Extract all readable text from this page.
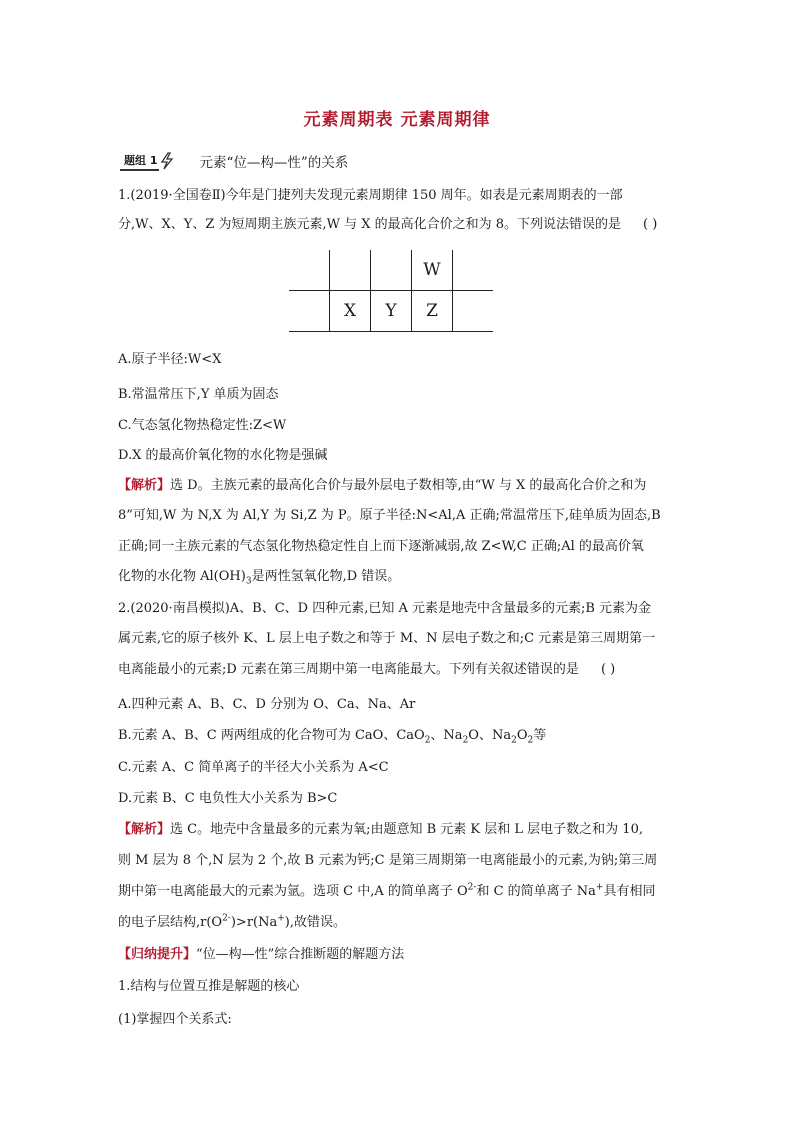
元素周期表 元素周期律
题组 1	元素“位—构—性”的关系
1.(2019·全国卷Ⅱ)今年是门捷列夫发现元素周期律 150 周年。如表是元素周期表的一部
分,W、X、Y、Z 为短周期主族元素,W 与 X 的最高化合价之和为 8。下列说法错误的是 ( )
			W	
	X	Y	Z	
A.原子半径:W<X
B.常温常压下,Y 单质为固态
C.气态氢化物热稳定性:Z<W
D.X 的最高价氧化物的水化物是强碱
【解析】选 D。主族元素的最高化合价与最外层电子数相等,由“W 与 X 的最高化合价之和为
8”可知,W 为 N,X 为 Al,Y 为 Si,Z 为 P。原子半径:N<Al,A 正确;常温常压下,硅单质为固态,B
正确;同一主族元素的气态氢化物热稳定性自上而下逐渐减弱,故 Z<W,C 正确;Al 的最高价氧
化物的水化物 $Al(OH)_3$是两性氢氧化物,D 错误。
2.(2020·南昌模拟)A、B、C、D 四种元素,已知 A 元素是地壳中含量最多的元素;B 元素为金
属元素,它的原子核外 K、L 层上电子数之和等于 M、N 层电子数之和;C 元素是第三周期第一
电离能最小的元素;D 元素在第三周期中第一电离能最大。下列有关叙述错误的是 ( )
A.四种元素 A、B、C、D 分别为 O、Ca、Na、Ar
B.元素 A、B、C 两两组成的化合物可为 CaO、CaO$_2$、$Na_2O$、$Na_2O_2$等
C.元素 A、C 简单离子的半径大小关系为 A<C
D.元素 B、C 电负性大小关系为 B>C
【解析】选 C。地壳中含量最多的元素为氧;由题意知 B 元素 K 层和 L 层电子数之和为 10,
则 M 层为 8 个,N 层为 2 个,故 B 元素为钙;C 是第三周期第一电离能最小的元素,为钠;第三周
期中第一电离能最大的元素为氩。选项 C 中,A 的简单离子 $O^{2-}$和 C 的简单离子 Na+具有相同
的电子层结构$,r(O^{2-})>r(Na^+)$,故错误。
【归纳提升】“位—构—性”综合推断题的解题方法
1.结构与位置互推是解题的核心
(1)掌握四个关系式:
